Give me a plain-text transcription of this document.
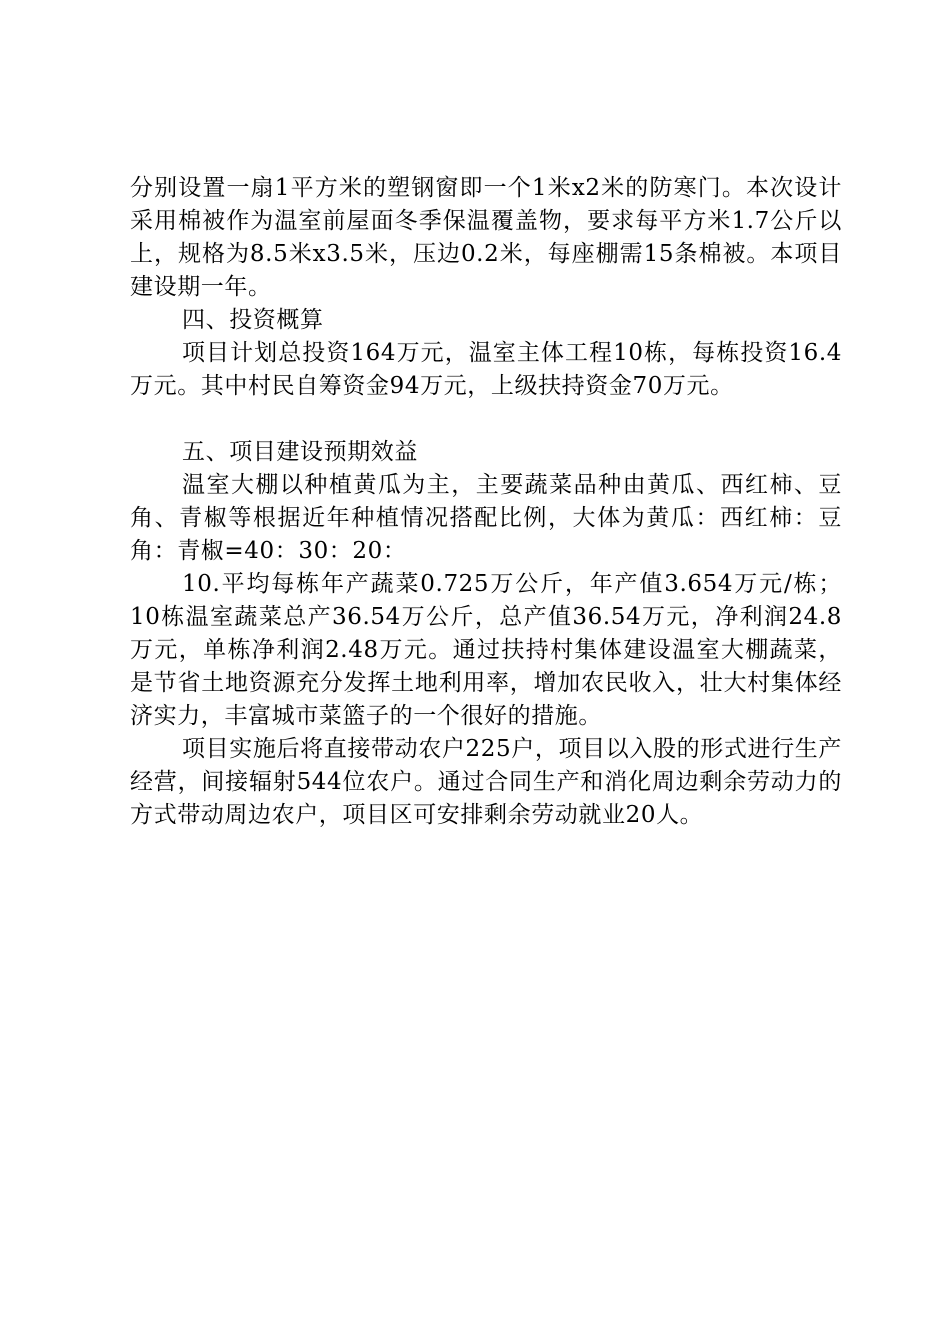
分别设置一扇1平方米的塑钢窗即一个1米x2米的防寒门。本次设计采用棉被作为温室前屋面冬季保温覆盖物，要求每平方米1.7公斤以上，规格为8.5米x3.5米，压边0.2米，每座棚需15条棉被。本项目建设期一年。

四、投资概算

项目计划总投资164万元，温室主体工程10栋，每栋投资16.4万元。其中村民自筹资金94万元，上级扶持资金70万元。

五、项目建设预期效益

温室大棚以种植黄瓜为主，主要蔬菜品种由黄瓜、西红柿、豆角、青椒等根据近年种植情况搭配比例，大体为黄瓜：西红柿：豆角：青椒=40：30：20：

10.平均每栋年产蔬菜0.725万公斤，年产值3.654万元/栋；10栋温室蔬菜总产36.54万公斤，总产值36.54万元，净利润24.8万元，单栋净利润2.48万元。通过扶持村集体建设温室大棚蔬菜，是节省土地资源充分发挥土地利用率，增加农民收入，壮大村集体经济实力，丰富城市菜篮子的一个很好的措施。

项目实施后将直接带动农户225户，项目以入股的形式进行生产经营，间接辐射544位农户。通过合同生产和消化周边剩余劳动力的方式带动周边农户，项目区可安排剩余劳动就业20人。
